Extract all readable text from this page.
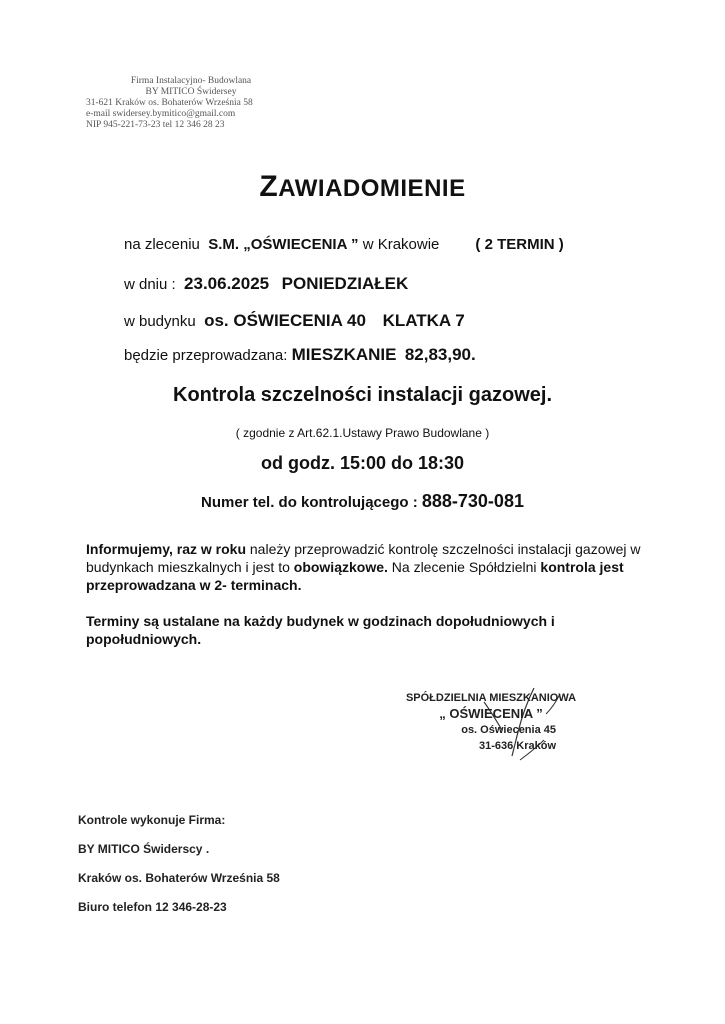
Firma Instalacyjno- Budowlana
BY MITICO Świdersey
31-621 Kraków os. Bohaterów Września 58
e-mail swidersey.bymitico@gmail.com
NIP 945-221-73-23 tel 12 346 28 23
ZAWIADOMIENIE
na zleceniu S.M. „OŚWIECENIA ” w Krakowie ( 2 TERMIN )
w dniu : 23.06.2025 PONIEDZIAŁEK
w budynku os. OŚWIECENIA 40 KLATKA 7
będzie przeprowadzana: MIESZKANIE 82,83,90.
Kontrola szczelności instalacji gazowej.
( zgodnie z Art.62.1.Ustawy Prawo Budowlane )
od godz. 15:00 do 18:30
Numer tel. do kontrolującego : 888-730-081
Informujemy, raz w roku należy przeprowadzić kontrolę szczelności instalacji gazowej w budynkach mieszkalnych i jest to obowiązkowe. Na zlecenie Spółdzielni kontrola jest przeprowadzana w 2- terminach.
Terminy są ustalane na każdy budynek w godzinach dopołudniowych i popołudniowych.
SPÓŁDZIELNIA MIESZKANIOWA
„ OŚWIECENIA ”
os. Oświecenia 45
31-636 Kraków
Kontrole wykonuje Firma:
BY MITICO Świderscy .
Kraków os. Bohaterów Września 58
Biuro telefon 12 346-28-23
